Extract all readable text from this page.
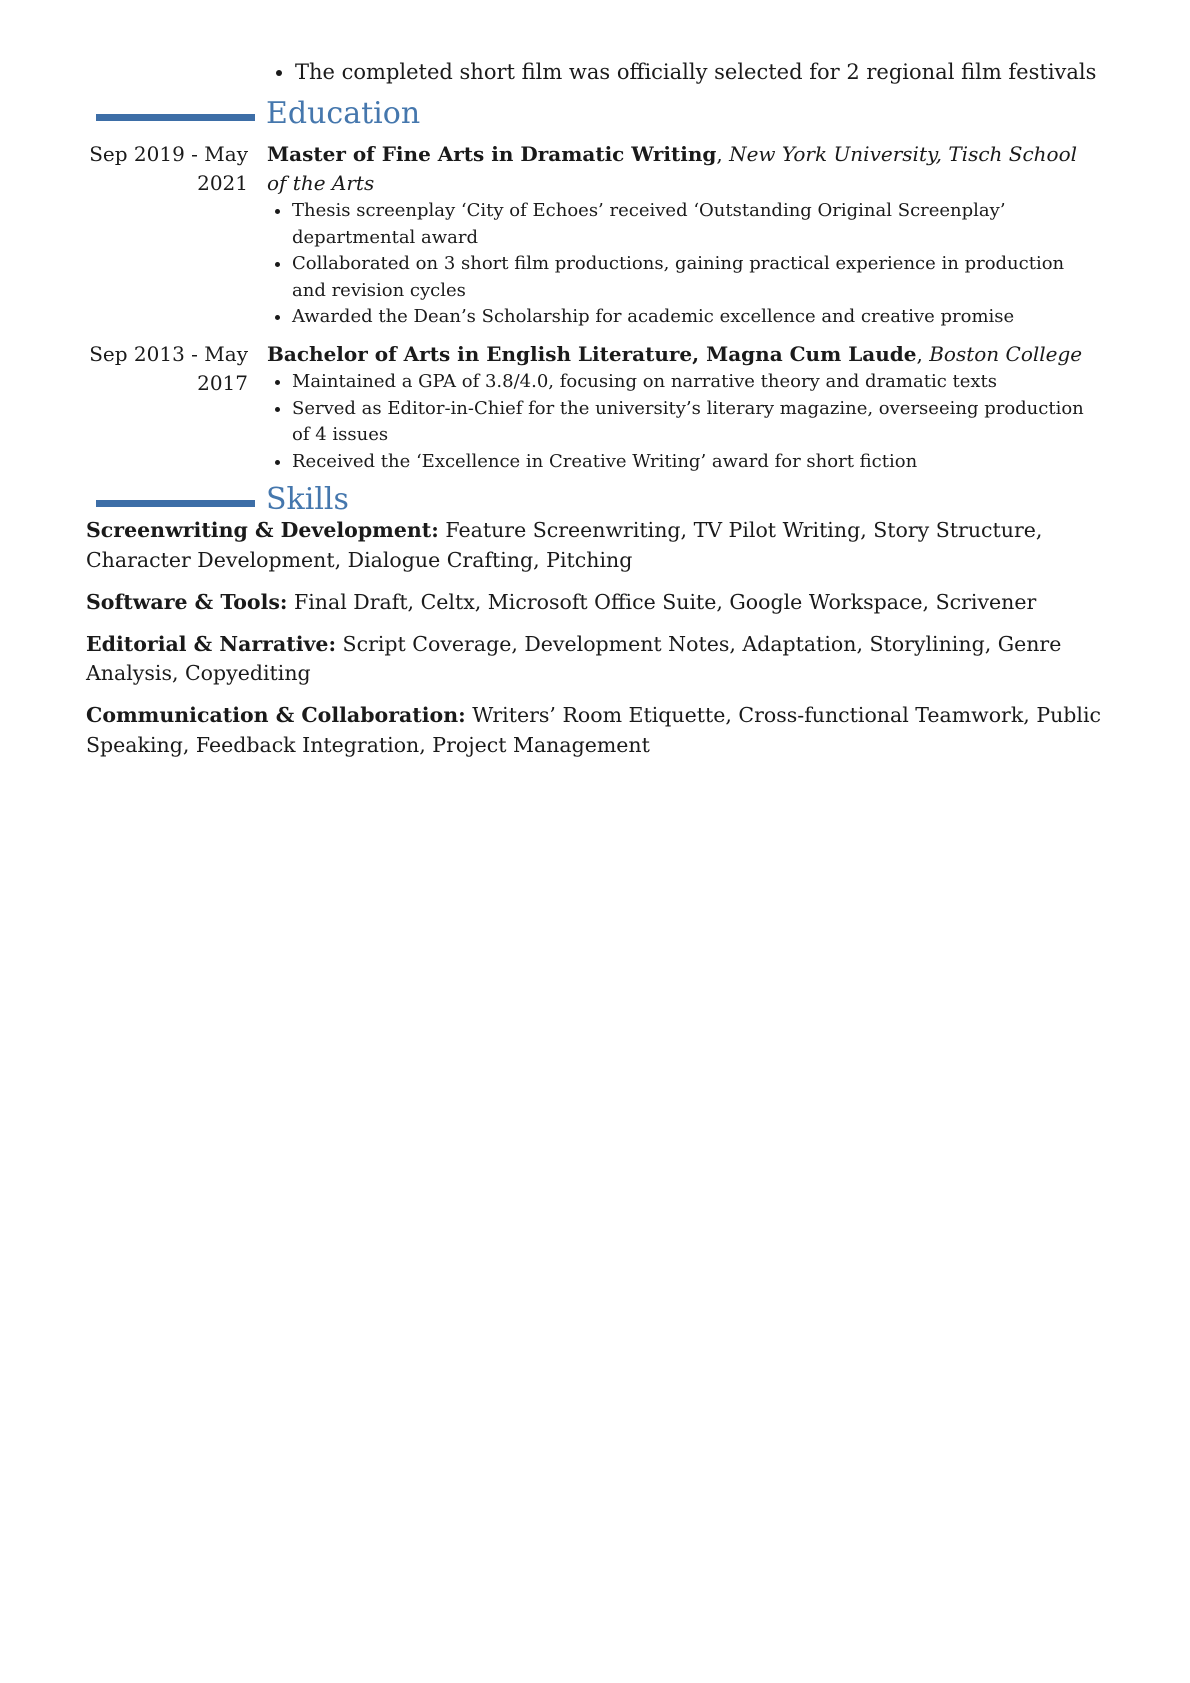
• The completed short film was officially selected for 2 regional film festivals
Education
Sep 2019 - May 2021

Master of Fine Arts in Dramatic Writing, New York University, Tisch School of the Arts

• Thesis screenplay ‘City of Echoes’ received ‘Outstanding Original Screenplay’ departmental award
• Collaborated on 3 short film productions, gaining practical experience in production and revision cycles
• Awarded the Dean’s Scholarship for academic excellence and creative promise
Sep 2013 - May 2017

Bachelor of Arts in English Literature, Magna Cum Laude, Boston College

• Maintained a GPA of 3.8/4.0, focusing on narrative theory and dramatic texts
• Served as Editor-in-Chief for the university’s literary magazine, overseeing production of 4 issues
• Received the ‘Excellence in Creative Writing’ award for short fiction
Skills

Screenwriting & Development: Feature Screenwriting, TV Pilot Writing, Story Structure, Character Development, Dialogue Crafting, Pitching

Software & Tools: Final Draft, Celtx, Microsoft Office Suite, Google Workspace, Scrivener

Editorial & Narrative: Script Coverage, Development Notes, Adaptation, Storylining, Genre Analysis, Copyediting

Communication & Collaboration: Writers’ Room Etiquette, Cross-functional Teamwork, Public Speaking, Feedback Integration, Project Management
